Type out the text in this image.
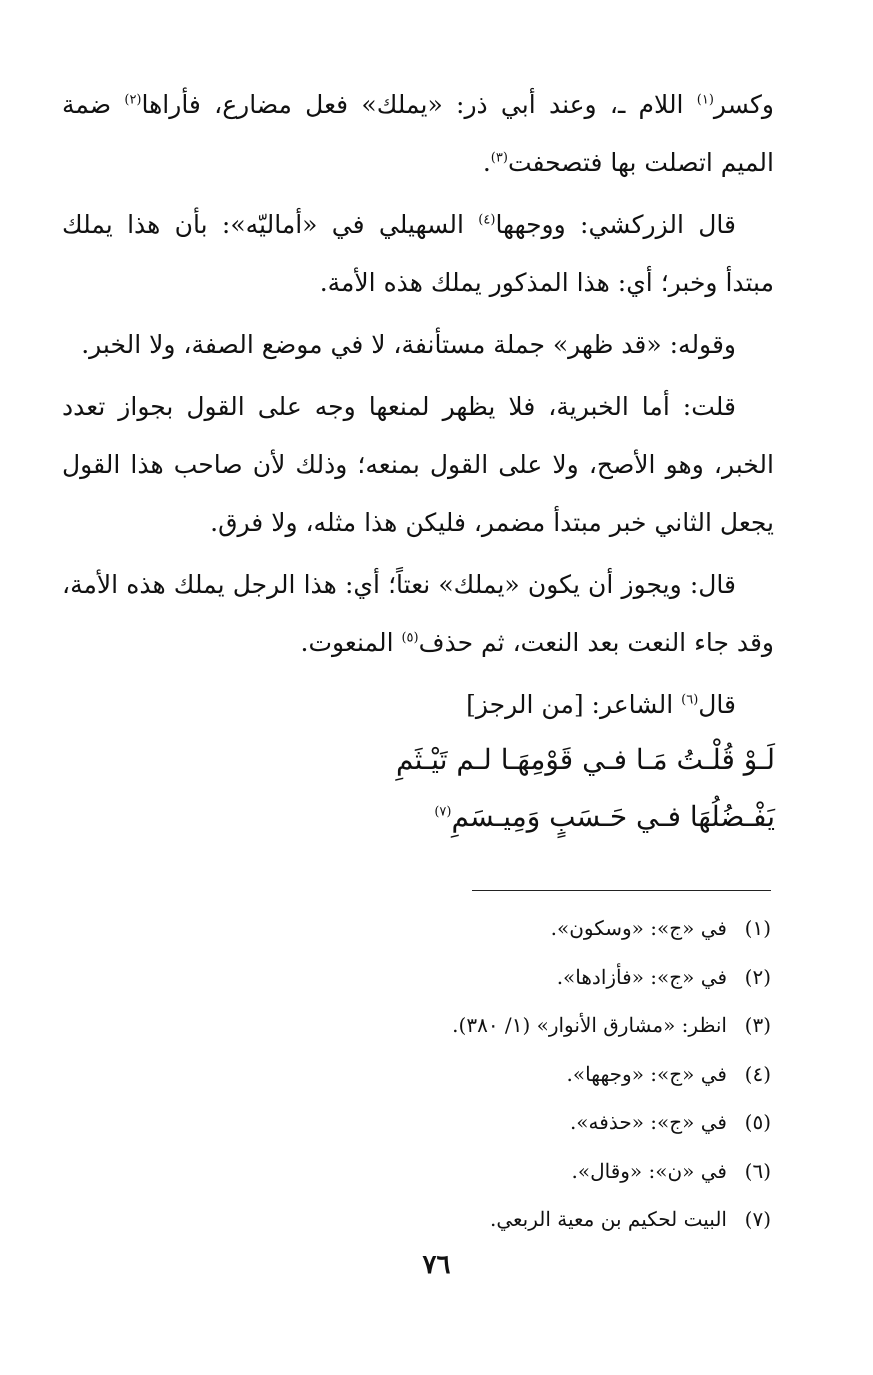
وكسر$^{(١)}$ اللام ـ، وعند أبي ذر: «يملك» فعل مضارع، فأراها$^{(٢)}$ ضمة الميم اتصلت بها فتصحفت$^{(٣)}$.

قال الزركشي: ووجهها$^{(٤)}$ السهيلي في «أماليّه»: بأن هذا يملك مبتدأ وخبر؛ أي: هذا المذكور يملك هذه الأمة.

وقوله: «قد ظهر» جملة مستأنفة، لا في موضع الصفة، ولا الخبر.

قلت: أما الخبرية، فلا يظهر لمنعها وجه على القول بجواز تعدد الخبر، وهو الأصح، ولا على القول بمنعه؛ وذلك لأن صاحب هذا القول يجعل الثاني خبر مبتدأ مضمر، فليكن هذا مثله، ولا فرق.

قال: ويجوز أن يكون «يملك» نعتاً؛ أي: هذا الرجل يملك هذه الأمة، وقد جاء النعت بعد النعت، ثم حذف$^{(٥)}$ المنعوت.

قال$^{(٦)}$ الشاعر: [من الرجز]

لَـوْ قُلْـتُ مَـا فـي قَوْمِهَـا لـم تَيْـثَمِ
يَفْـضُلُهَا فـي حَـسَبٍ وَمِيـسَمِ$^{(٧)}$
(١)في «ج»: «وسكون».
(٢)في «ج»: «فأزادها».
(٣)انظر: «مشارق الأنوار» (١/ ٣٨٠).
(٤)في «ج»: «وجهها».
(٥)في «ج»: «حذفه».
(٦)في «ن»: «وقال».
(٧)البيت لحكيم بن معية الربعي.
٧٦
